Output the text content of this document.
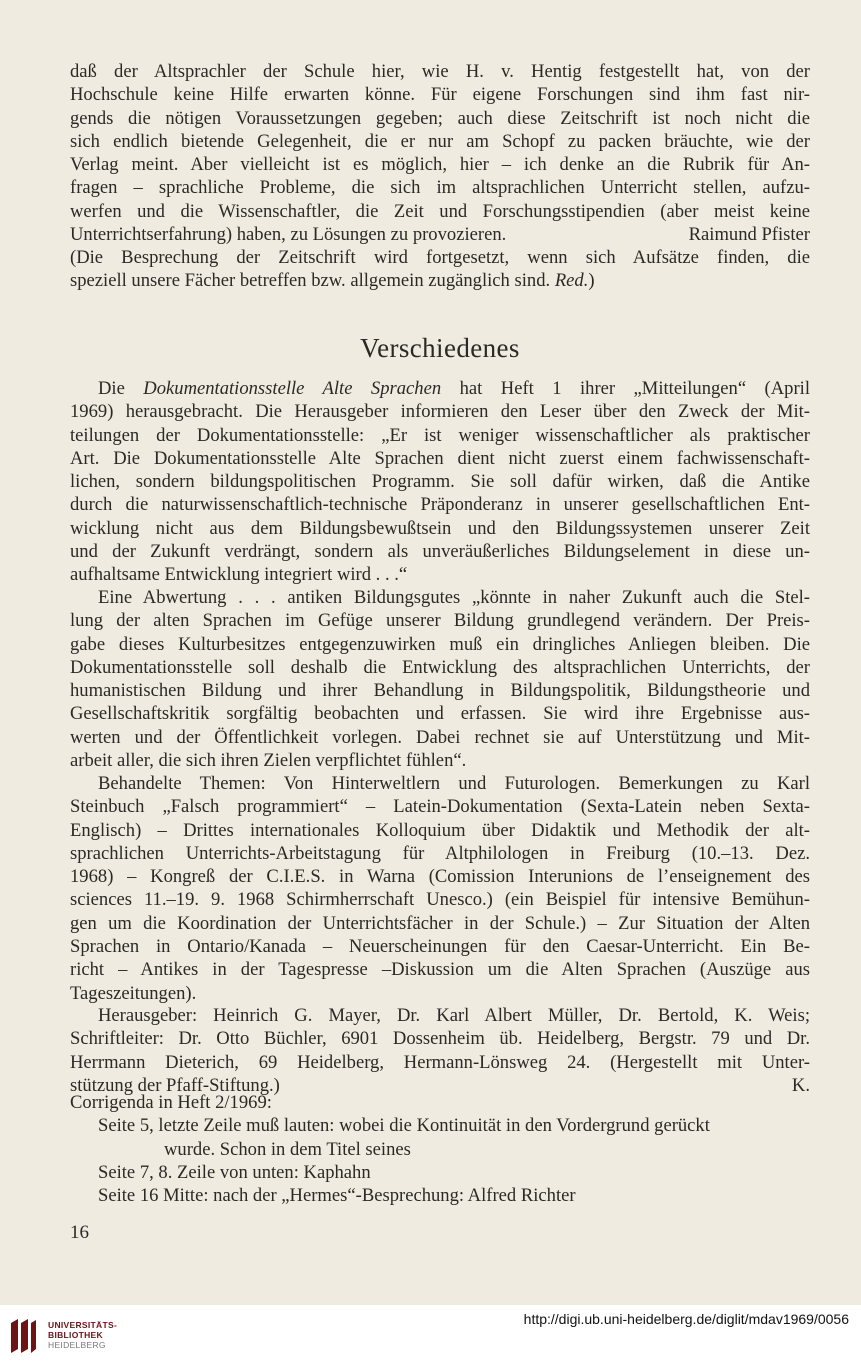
daß der Altsprachler der Schule hier, wie H. v. Hentig festgestellt hat, von der
Hochschule keine Hilfe erwarten könne. Für eigene Forschungen sind ihm fast nir-
gends die nötigen Voraussetzungen gegeben; auch diese Zeitschrift ist noch nicht die
sich endlich bietende Gelegenheit, die er nur am Schopf zu packen bräuchte, wie der
Verlag meint. Aber vielleicht ist es möglich, hier – ich denke an die Rubrik für An-
fragen – sprachliche Probleme, die sich im altsprachlichen Unterricht stellen, aufzu-
werfen und die Wissenschaftler, die Zeit und Forschungsstipendien (aber meist keine
Unterrichtserfahrung) haben, zu Lösungen zu provozieren.	Raimund Pfister
(Die Besprechung der Zeitschrift wird fortgesetzt, wenn sich Aufsätze finden, die
speziell unsere Fächer betreffen bzw. allgemein zugänglich sind. Red.)
Verschiedenes
Die Dokumentationsstelle Alte Sprachen hat Heft 1 ihrer „Mitteilungen“ (April
1969) herausgebracht. Die Herausgeber informieren den Leser über den Zweck der Mit-
teilungen der Dokumentationsstelle: „Er ist weniger wissenschaftlicher als praktischer
Art. Die Dokumentationsstelle Alte Sprachen dient nicht zuerst einem fachwissenschaft-
lichen, sondern bildungspolitischen Programm. Sie soll dafür wirken, daß die Antike
durch die naturwissenschaftlich-technische Präponderanz in unserer gesellschaftlichen Ent-
wicklung nicht aus dem Bildungsbewußtsein und den Bildungssystemen unserer Zeit
und der Zukunft verdrängt, sondern als unveräußerliches Bildungselement in diese un-
aufhaltsame Entwicklung integriert wird . . .“
Eine Abwertung . . . antiken Bildungsgutes „könnte in naher Zukunft auch die Stel-
lung der alten Sprachen im Gefüge unserer Bildung grundlegend verändern. Der Preis-
gabe dieses Kulturbesitzes entgegenzuwirken muß ein dringliches Anliegen bleiben. Die
Dokumentationsstelle soll deshalb die Entwicklung des altsprachlichen Unterrichts, der
humanistischen Bildung und ihrer Behandlung in Bildungspolitik, Bildungstheorie und
Gesellschaftskritik sorgfältig beobachten und erfassen. Sie wird ihre Ergebnisse aus-
werten und der Öffentlichkeit vorlegen. Dabei rechnet sie auf Unterstützung und Mit-
arbeit aller, die sich ihren Zielen verpflichtet fühlen“.
Behandelte Themen: Von Hinterweltlern und Futurologen. Bemerkungen zu Karl
Steinbuch „Falsch programmiert“ – Latein-Dokumentation (Sexta-Latein neben Sexta-
Englisch) – Drittes internationales Kolloquium über Didaktik und Methodik der alt-
sprachlichen Unterrichts-Arbeitstagung für Altphilologen in Freiburg (10.–13. Dez.
1968) – Kongreß der C.I.E.S. in Warna (Comission Interunions de l’enseignement des
sciences 11.–19. 9. 1968 Schirmherrschaft Unesco.) (ein Beispiel für intensive Bemühun-
gen um die Koordination der Unterrichtsfächer in der Schule.) – Zur Situation der Alten
Sprachen in Ontario/Kanada – Neuerscheinungen für den Caesar-Unterricht. Ein Be-
richt – Antikes in der Tagespresse –Diskussion um die Alten Sprachen (Auszüge aus
Tageszeitungen).
Herausgeber: Heinrich G. Mayer, Dr. Karl Albert Müller, Dr. Bertold, K. Weis;
Schriftleiter: Dr. Otto Büchler, 6901 Dossenheim üb. Heidelberg, Bergstr. 79 und Dr.
Herrmann Dieterich, 69 Heidelberg, Hermann-Lönsweg 24. (Hergestellt mit Unter-
stützung der Pfaff-Stiftung.)	K.
Corrigenda in Heft 2/1969:
Seite 5, letzte Zeile muß lauten: wobei die Kontinuität in den Vordergrund gerückt
wurde. Schon in dem Titel seines
Seite 7, 8. Zeile von unten: Kaphahn
Seite 16 Mitte: nach der „Hermes“-Besprechung: Alfred Richter
16
UNIVERSITÄTS-
BIBLIOTHEK
HEIDELBERG
http://digi.ub.uni-heidelberg.de/diglit/mdav1969/0056
